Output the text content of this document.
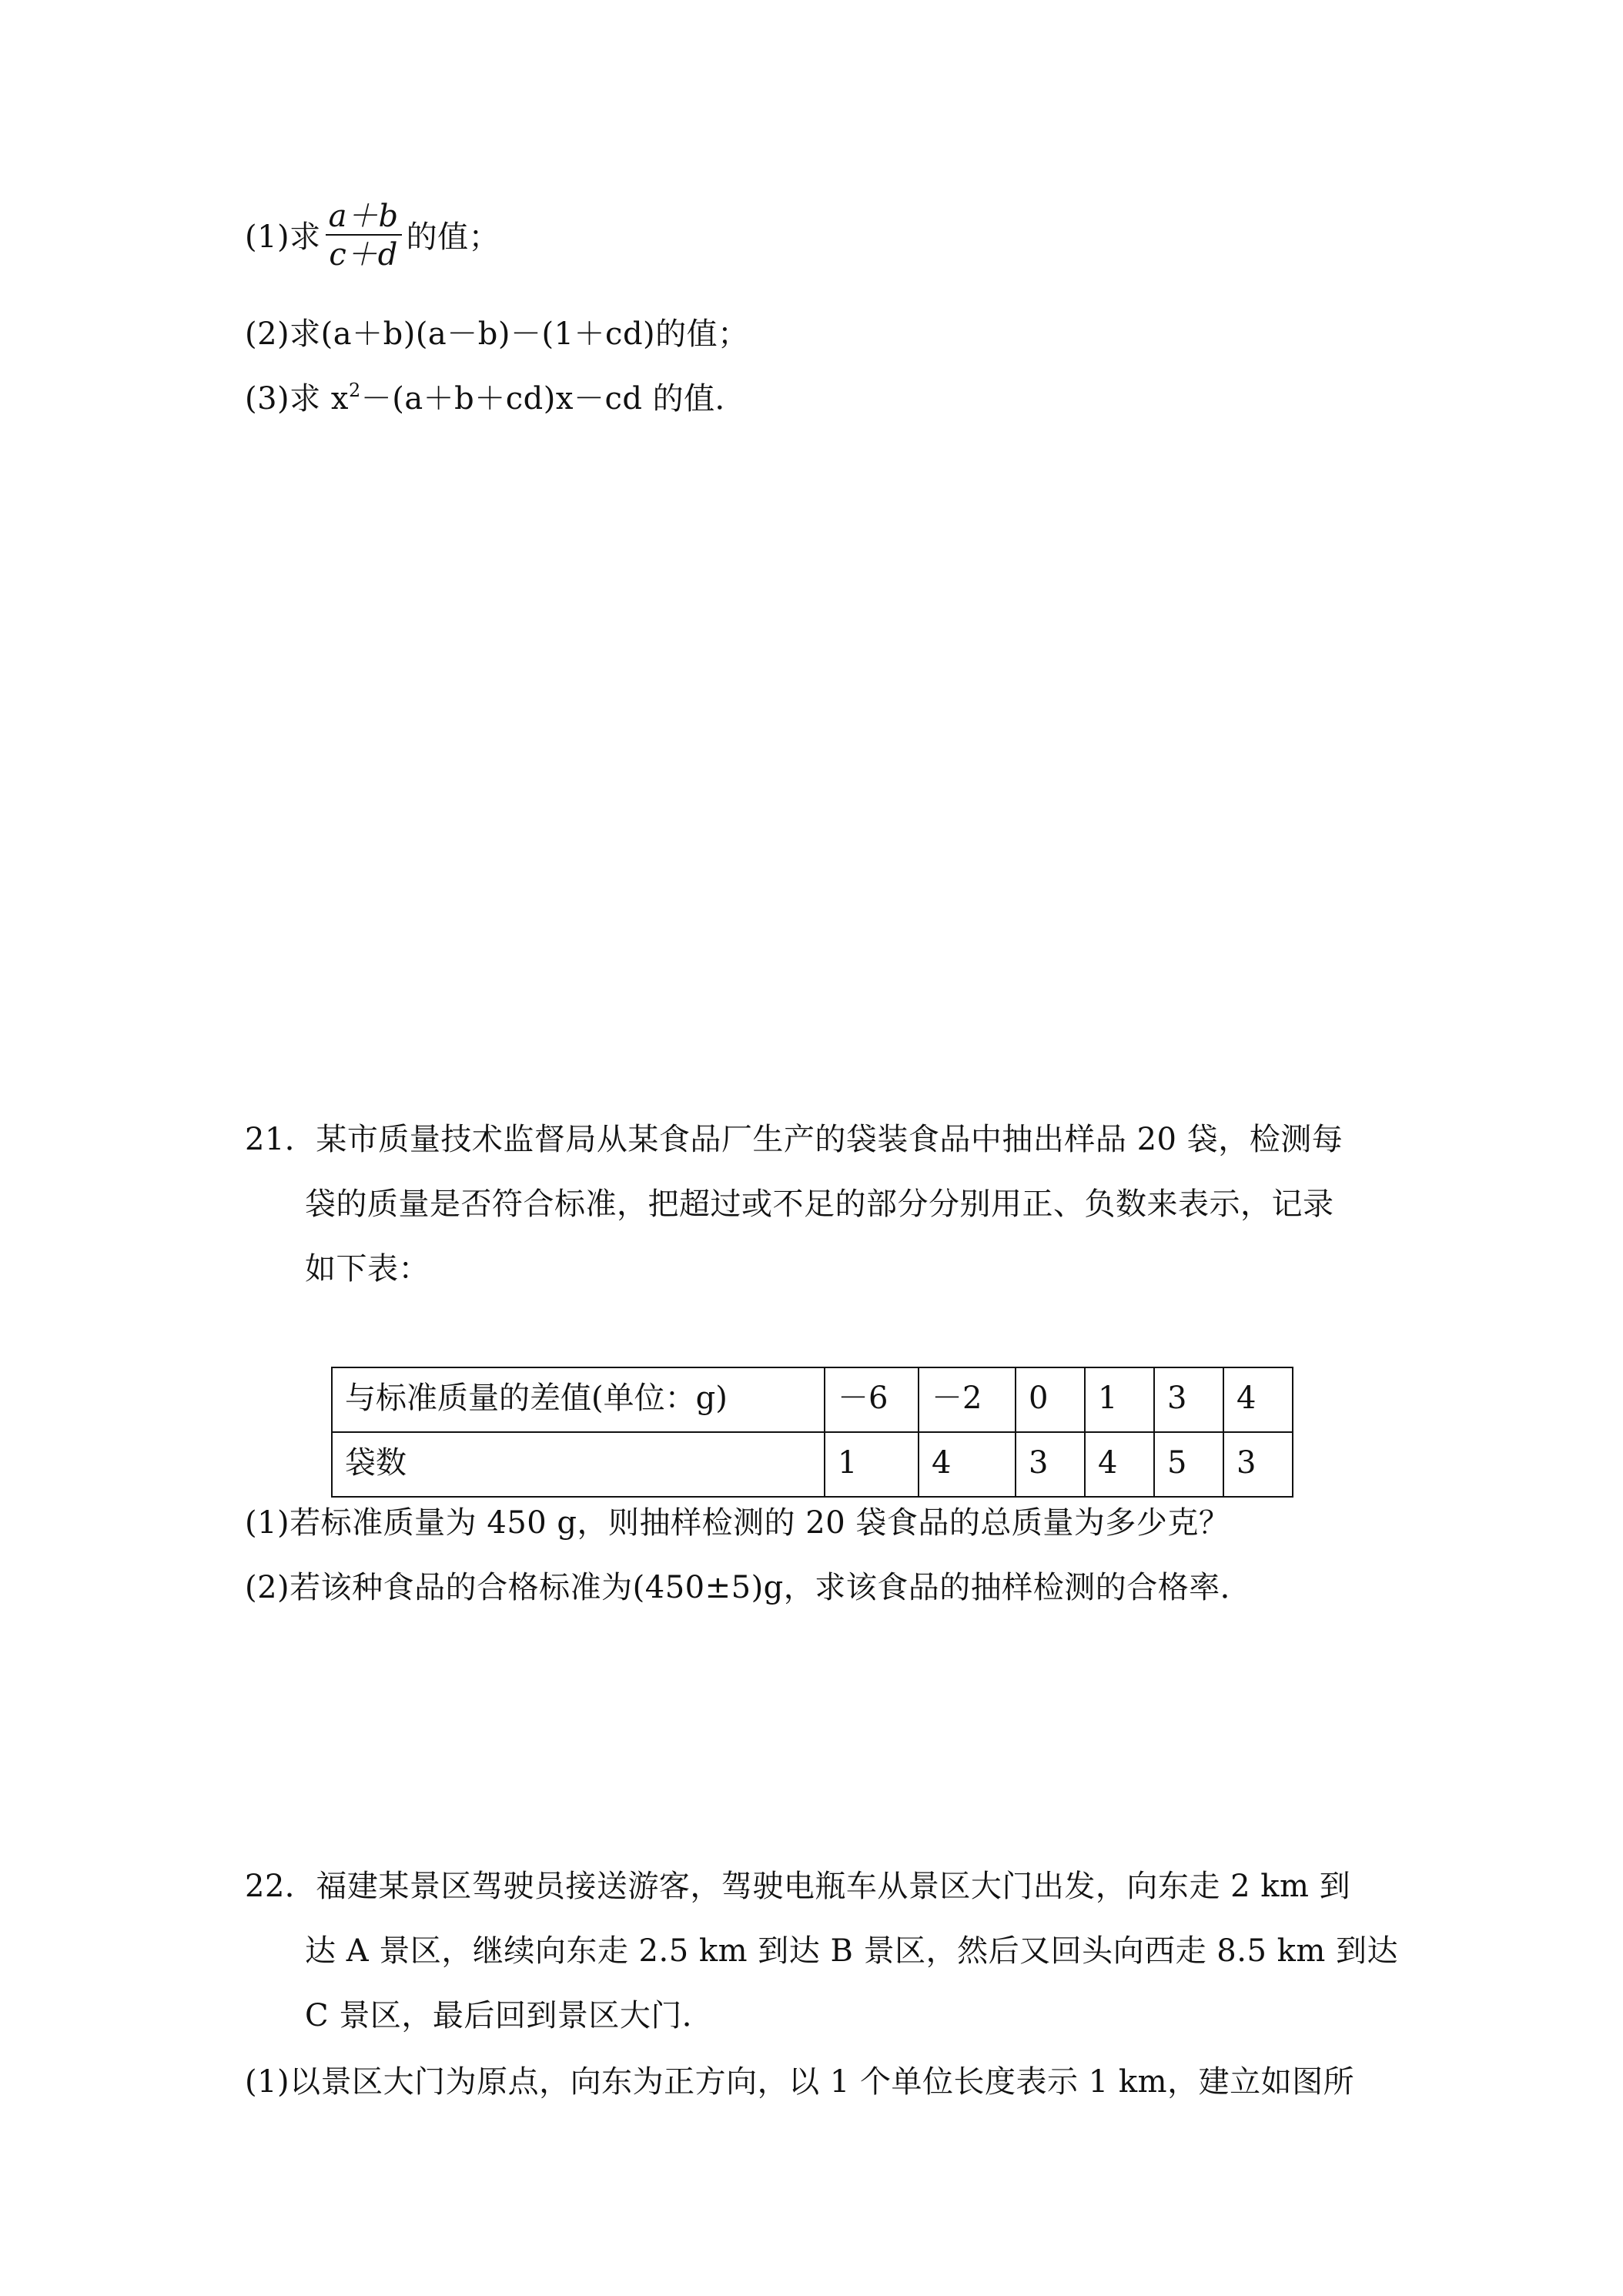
(1)求 $\frac{a+b}{c+d}$ 的值；
(2)求(a＋b)(a－b)－(1＋cd)的值；
(3)求 $x^2-(a+b+cd)x-cd$ 的值．
21．某市质量技术监督局从某食品厂生产的袋装食品中抽出样品 20 袋，检测每
袋的质量是否符合标准，把超过或不足的部分分别用正、负数来表示，记录
如下表：
与标准质量的差值(单位：g)	－6	－2	0	1	3	4
袋数	1	4	3	4	5	3
(1)若标准质量为 450 g，则抽样检测的 20 袋食品的总质量为多少克？
(2)若该种食品的合格标准为(450±5)g，求该食品的抽样检测的合格率．
22．福建某景区驾驶员接送游客，驾驶电瓶车从景区大门出发，向东走 2 km 到
达 A 景区，继续向东走 2.5 km 到达 B 景区，然后又回头向西走 8.5 km 到达
C 景区，最后回到景区大门．
(1)以景区大门为原点，向东为正方向，以 1 个单位长度表示 1 km，建立如图所
